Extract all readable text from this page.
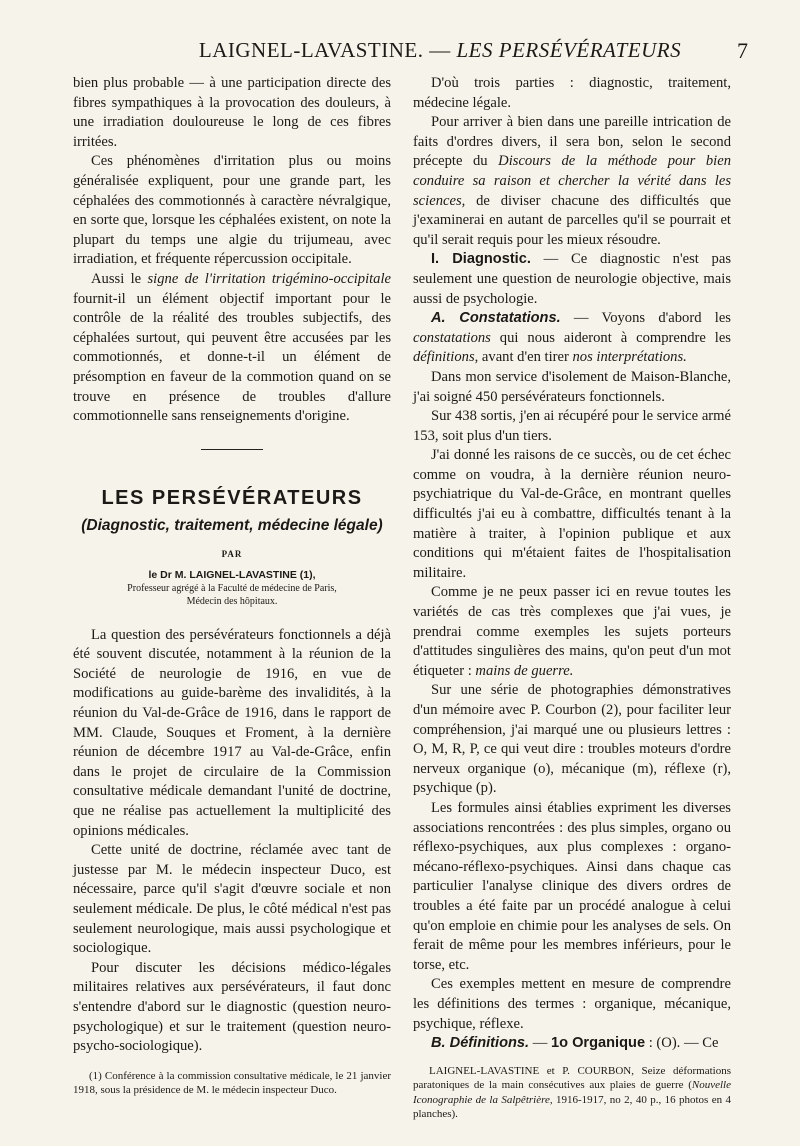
LAIGNEL-LAVASTINE. — LES PERSÉVÉRATEURS	7

bien plus probable — à une participation directe des fibres sympathiques à la provocation des douleurs, à une irradiation douloureuse le long de ces fibres irritées.

Ces phénomènes d'irritation plus ou moins généralisée expliquent, pour une grande part, les céphalées des commotionnés à caractère névralgique, en sorte que, lorsque les céphalées existent, on note la plupart du temps une algie du trijumeau, avec irradiation, et fréquente répercussion occipitale.

Aussi le signe de l'irritation trigémino-occipitale fournit-il un élément objectif important pour le contrôle de la réalité des troubles subjectifs, des céphalées surtout, qui peuvent être accusées par les commotionnés, et donne-t-il un élément de présomption en faveur de la commotion quand on se trouve en présence de troubles d'allure commotionnelle sans renseignements d'origine.

LES PERSÉVÉRATEURS
(Diagnostic, traitement, médecine légale)
PAR
le Dr M. LAIGNEL-LAVASTINE (1),
Professeur agrégé à la Faculté de médecine de Paris,
Médecin des hôpitaux.

La question des persévérateurs fonctionnels a déjà été souvent discutée, notamment à la réunion de la Société de neurologie de 1916, en vue de modifications au guide-barème des invalidités, à la réunion du Val-de-Grâce de 1916, dans le rapport de MM. Claude, Souques et Froment, à la dernière réunion de décembre 1917 au Val-de-Grâce, enfin dans le projet de circulaire de la Commission consultative médicale demandant l'unité de doctrine, que ne réalise pas actuellement la multiplicité des opinions médicales.

Cette unité de doctrine, réclamée avec tant de justesse par M. le médecin inspecteur Duco, est nécessaire, parce qu'il s'agit d'œuvre sociale et non seulement médicale. De plus, le côté médical n'est pas seulement neurologique, mais aussi psychologique et sociologique.

Pour discuter les décisions médico-légales militaires relatives aux persévérateurs, il faut donc s'entendre d'abord sur le diagnostic (question neuro-psychologique) et sur le traitement (question neuro-psycho-sociologique).

(1) Conférence à la commission consultative médicale, le 21 janvier 1918, sous la présidence de M. le médecin inspecteur Duco.

D'où trois parties : diagnostic, traitement, médecine légale.

Pour arriver à bien dans une pareille intrication de faits d'ordres divers, il sera bon, selon le second précepte du Discours de la méthode pour bien conduire sa raison et chercher la vérité dans les sciences, de diviser chacune des difficultés que j'examinerai en autant de parcelles qu'il se pourrait et qu'il serait requis pour les mieux résoudre.

I. Diagnostic. — Ce diagnostic n'est pas seulement une question de neurologie objective, mais aussi de psychologie.

A. Constatations. — Voyons d'abord les constatations qui nous aideront à comprendre les définitions, avant d'en tirer nos interprétations.

Dans mon service d'isolement de Maison-Blanche, j'ai soigné 450 persévérateurs fonctionnels.

Sur 438 sortis, j'en ai récupéré pour le service armé 153, soit plus d'un tiers.

J'ai donné les raisons de ce succès, ou de cet échec comme on voudra, à la dernière réunion neuro-psychiatrique du Val-de-Grâce, en montrant quelles difficultés j'ai eu à combattre, difficultés tenant à la matière à traiter, à l'opinion publique et aux conditions qui m'étaient faites de l'hospitalisation militaire.

Comme je ne peux passer ici en revue toutes les variétés de cas très complexes que j'ai vues, je prendrai comme exemples les sujets porteurs d'attitudes singulières des mains, qu'on peut d'un mot étiqueter : mains de guerre.

Sur une série de photographies démonstratives d'un mémoire avec P. Courbon (2), pour faciliter leur compréhension, j'ai marqué une ou plusieurs lettres : O, M, R, P, ce qui veut dire : troubles moteurs d'ordre nerveux organique (o), mécanique (m), réflexe (r), psychique (p).

Les formules ainsi établies expriment les diverses associations rencontrées : des plus simples, organo ou réflexo-psychiques, aux plus complexes : organo-mécano-réflexo-psychiques. Ainsi dans chaque cas particulier l'analyse clinique des divers ordres de troubles a été faite par un procédé analogue à celui qu'on emploie en chimie pour les analyses de sels. On ferait de même pour les membres inférieurs, pour le torse, etc.

Ces exemples mettent en mesure de comprendre les définitions des termes : organique, mécanique, psychique, réflexe.

B. Définitions. — 1o Organique : (O). — Ce

LAIGNEL-LAVASTINE et P. COURBON, Seize déformations paratoniques de la main consécutives aux plaies de guerre (Nouvelle Iconographie de la Salpêtrière, 1916-1917, no 2, 40 p., 16 photos en 4 planches).
